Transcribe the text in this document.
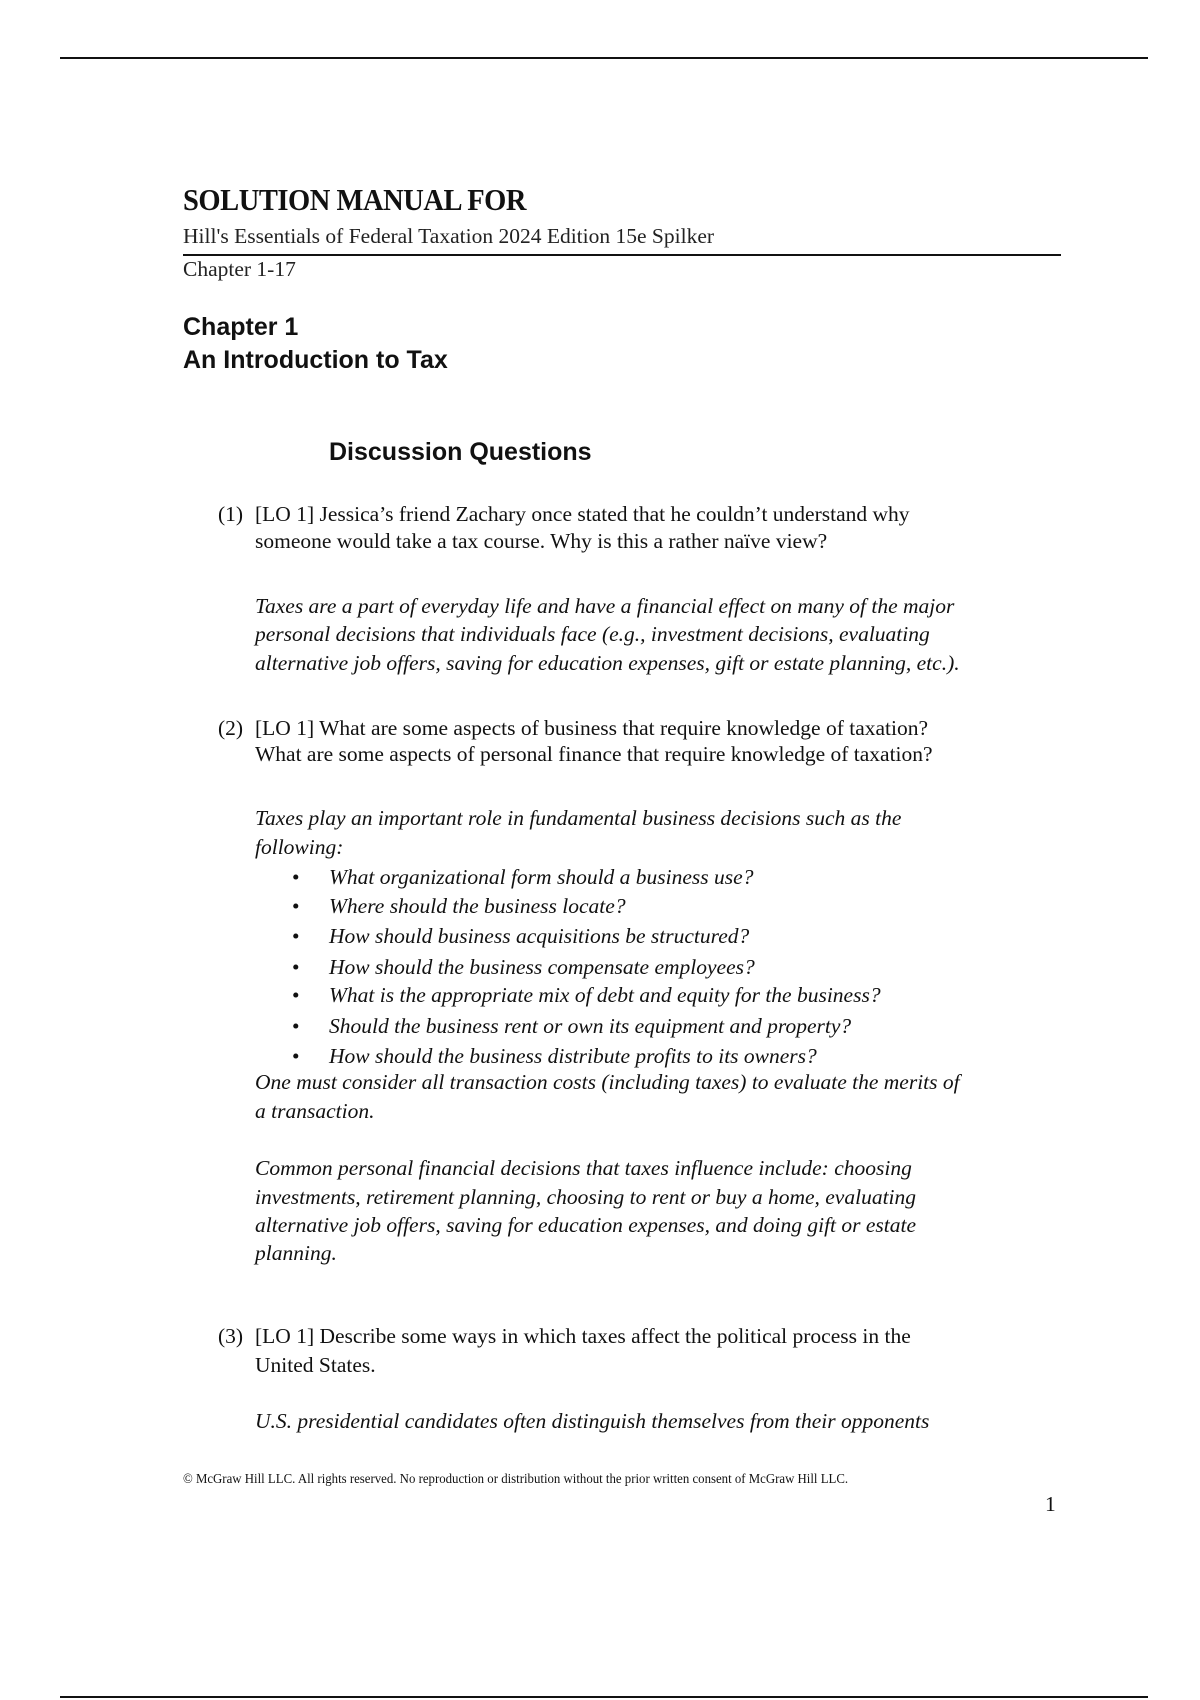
SOLUTION MANUAL FOR
Hill's Essentials of Federal Taxation 2024 Edition 15e Spilker
Chapter 1-17
Chapter 1
An Introduction to Tax
Discussion Questions
(1) [LO 1] Jessica’s friend Zachary once stated that he couldn’t understand why
someone would take a tax course. Why is this a rather naïve view?
Taxes are a part of everyday life and have a financial effect on many of the major
personal decisions that individuals face (e.g., investment decisions, evaluating
alternative job offers, saving for education expenses, gift or estate planning, etc.).
(2) [LO 1] What are some aspects of business that require knowledge of taxation?
What are some aspects of personal finance that require knowledge of taxation?
Taxes play an important role in fundamental business decisions such as the
following:
• What organizational form should a business use?
• Where should the business locate?
• How should business acquisitions be structured?
• How should the business compensate employees?
• What is the appropriate mix of debt and equity for the business?
• Should the business rent or own its equipment and property?
• How should the business distribute profits to its owners?
One must consider all transaction costs (including taxes) to evaluate the merits of
a transaction.
Common personal financial decisions that taxes influence include: choosing
investments, retirement planning, choosing to rent or buy a home, evaluating
alternative job offers, saving for education expenses, and doing gift or estate
planning.
(3) [LO 1] Describe some ways in which taxes affect the political process in the
United States.
U.S. presidential candidates often distinguish themselves from their opponents
© McGraw Hill LLC. All rights reserved. No reproduction or distribution without the prior written consent of McGraw Hill LLC.
1
